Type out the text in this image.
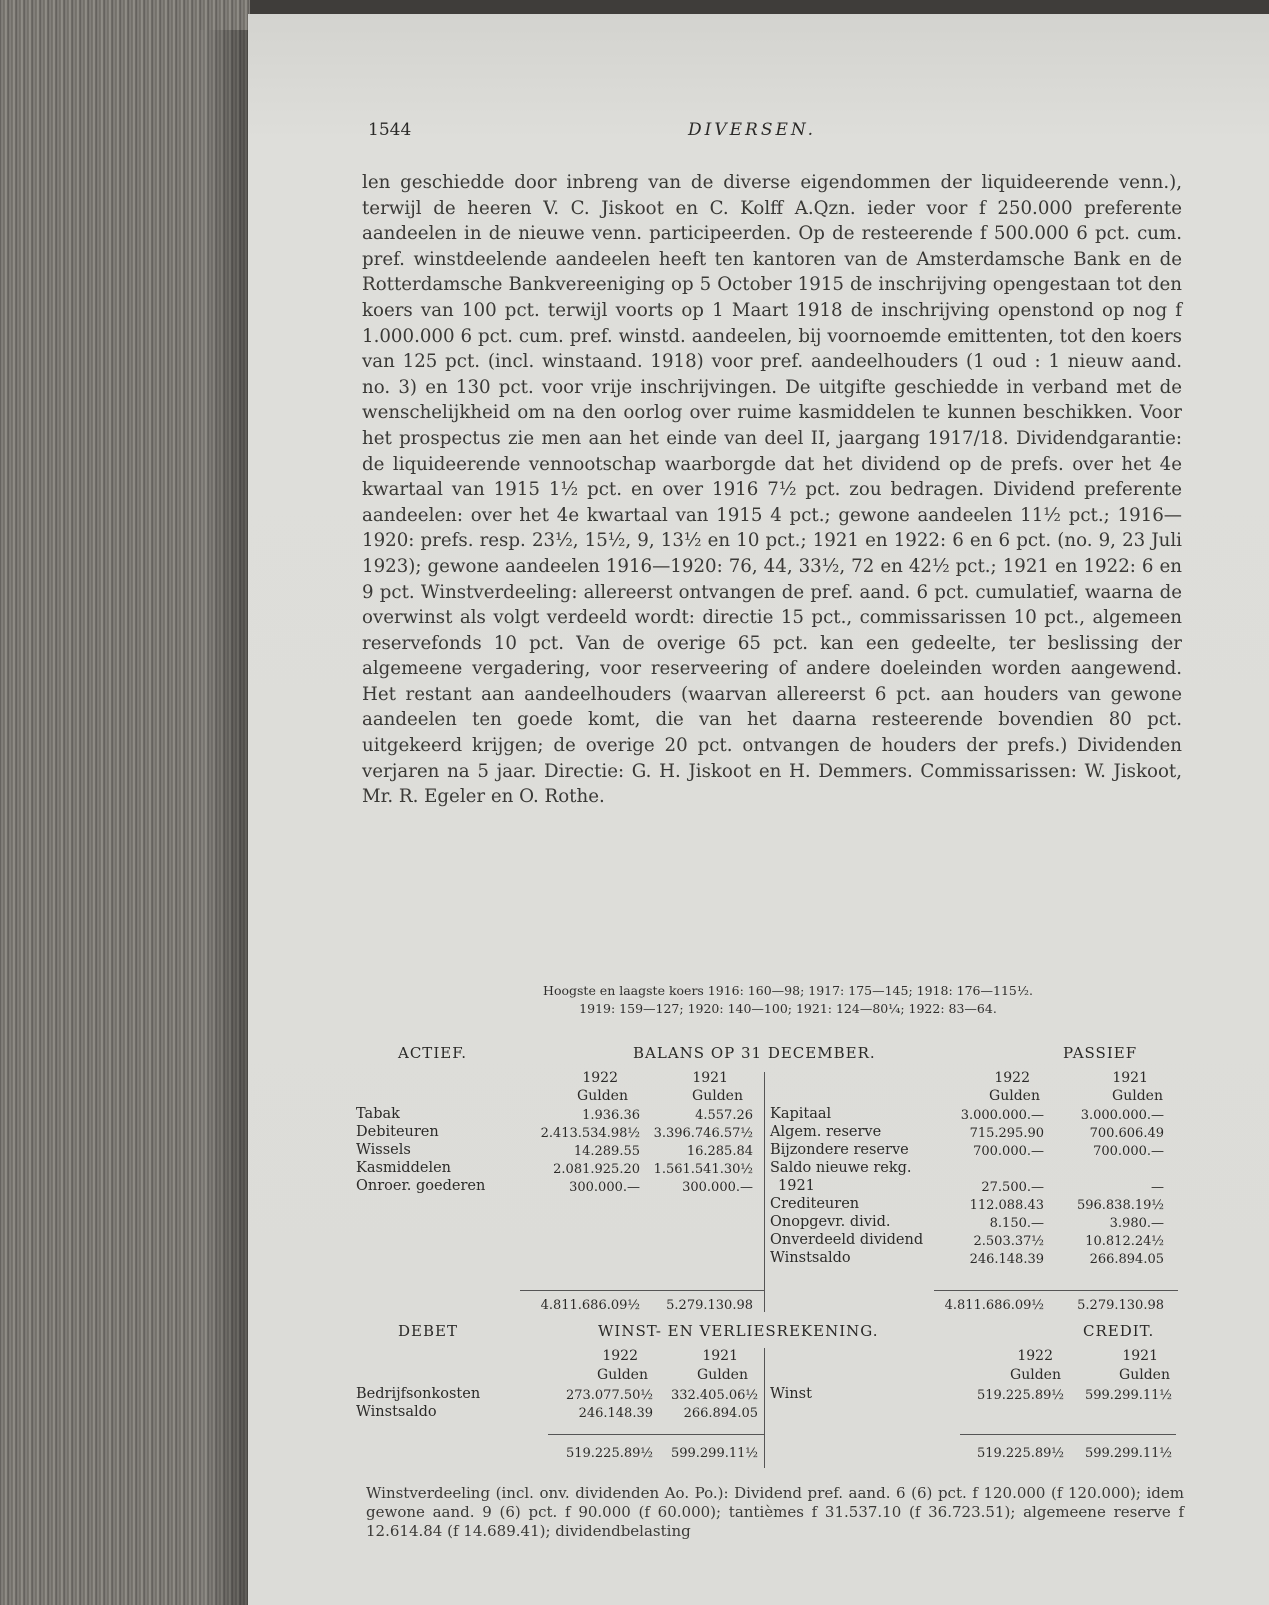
1544	DIVERSEN.

len geschiedde door inbreng van de diverse eigendommen der liquideerende venn.), terwijl de heeren V. C. Jiskoot en C. Kolff A.Qzn. ieder voor f 250.000 preferente aandeelen in de nieuwe venn. participeerden. Op de resteerende f 500.000 6 pct. cum. pref. winstdeelende aandeelen heeft ten kantoren van de Amsterdamsche Bank en de Rotterdamsche Bankvereeniging op 5 October 1915 de inschrijving opengestaan tot den koers van 100 pct. terwijl voorts op 1 Maart 1918 de inschrijving openstond op nog f 1.000.000 6 pct. cum. pref. winstd. aandeelen, bij voornoemde emittenten, tot den koers van 125 pct. (incl. winstaand. 1918) voor pref. aandeelhouders (1 oud : 1 nieuw aand. no. 3) en 130 pct. voor vrije inschrijvingen. De uitgifte geschiedde in verband met de wenschelijkheid om na den oorlog over ruime kasmiddelen te kunnen beschikken. Voor het prospectus zie men aan het einde van deel II, jaargang 1917/18. Dividendgarantie: de liquideerende vennootschap waarborgde dat het dividend op de prefs. over het 4e kwartaal van 1915 1½ pct. en over 1916 7½ pct. zou bedragen. Dividend preferente aandeelen: over het 4e kwartaal van 1915 4 pct.; gewone aandeelen 11½ pct.; 1916—1920: prefs. resp. 23½, 15½, 9, 13½ en 10 pct.; 1921 en 1922: 6 en 6 pct. (no. 9, 23 Juli 1923); gewone aandeelen 1916—1920: 76, 44, 33½, 72 en 42½ pct.; 1921 en 1922: 6 en 9 pct. Winstverdeeling: allereerst ontvangen de pref. aand. 6 pct. cumulatief, waarna de overwinst als volgt verdeeld wordt: directie 15 pct., commissarissen 10 pct., algemeen reservefonds 10 pct. Van de overige 65 pct. kan een gedeelte, ter beslissing der algemeene vergadering, voor reserveering of andere doeleinden worden aangewend. Het restant aan aandeelhouders (waarvan allereerst 6 pct. aan houders van gewone aandeelen ten goede komt, die van het daarna resteerende bovendien 80 pct. uitgekeerd krijgen; de overige 20 pct. ontvangen de houders der prefs.) Dividenden verjaren na 5 jaar. Directie: G. H. Jiskoot en H. Demmers. Commissarissen: W. Jiskoot, Mr. R. Egeler en O. Rothe.

Hoogste en laagste koers 1916: 160—98; 1917: 175—145; 1918: 176—115½.
1919: 159—127; 1920: 140—100; 1921: 124—80¼; 1922: 83—64.
ACTIEF.	BALANS OP 31 DECEMBER.	PASSIEF
1922	1921
Gulden	Gulden
1922	1921
Gulden	Gulden
Tabak	1.936.36	4.557.26
Debiteuren	2.413.534.98½	3.396.746.57½
Wissels	14.289.55	16.285.84
Kasmiddelen	2.081.925.20	1.561.541.30½
Onroer. goederen	300.000.—	300.000.—
4.811.686.09½	5.279.130.98
Kapitaal	3.000.000.—	3.000.000.—
Algem. reserve	715.295.90	700.606.49
Bijzondere reserve	700.000.—	700.000.—
Saldo nieuwe rekg.
1921	27.500.—	—
Crediteuren	112.088.43	596.838.19½
Onopgevr. divid.	8.150.—	3.980.—
Onverdeeld dividend	2.503.37½	10.812.24½
Winstsaldo	246.148.39	266.894.05
4.811.686.09½	5.279.130.98
DEBET	WINST- EN VERLIESREKENING.	CREDIT.
1922	1921
Gulden	Gulden
1922	1921
Gulden	Gulden
Bedrijfsonkosten	273.077.50½	332.405.06½
Winstsaldo	246.148.39	266.894.05
519.225.89½	599.299.11½
Winst	519.225.89½	599.299.11½
519.225.89½	599.299.11½
Winstverdeeling (incl. onv. dividenden Ao. Po.): Dividend pref. aand. 6 (6) pct. f 120.000 (f 120.000); idem gewone aand. 9 (6) pct. f 90.000 (f 60.000); tantièmes f 31.537.10 (f 36.723.51); algemeene reserve f 12.614.84 (f 14.689.41); dividendbelasting
